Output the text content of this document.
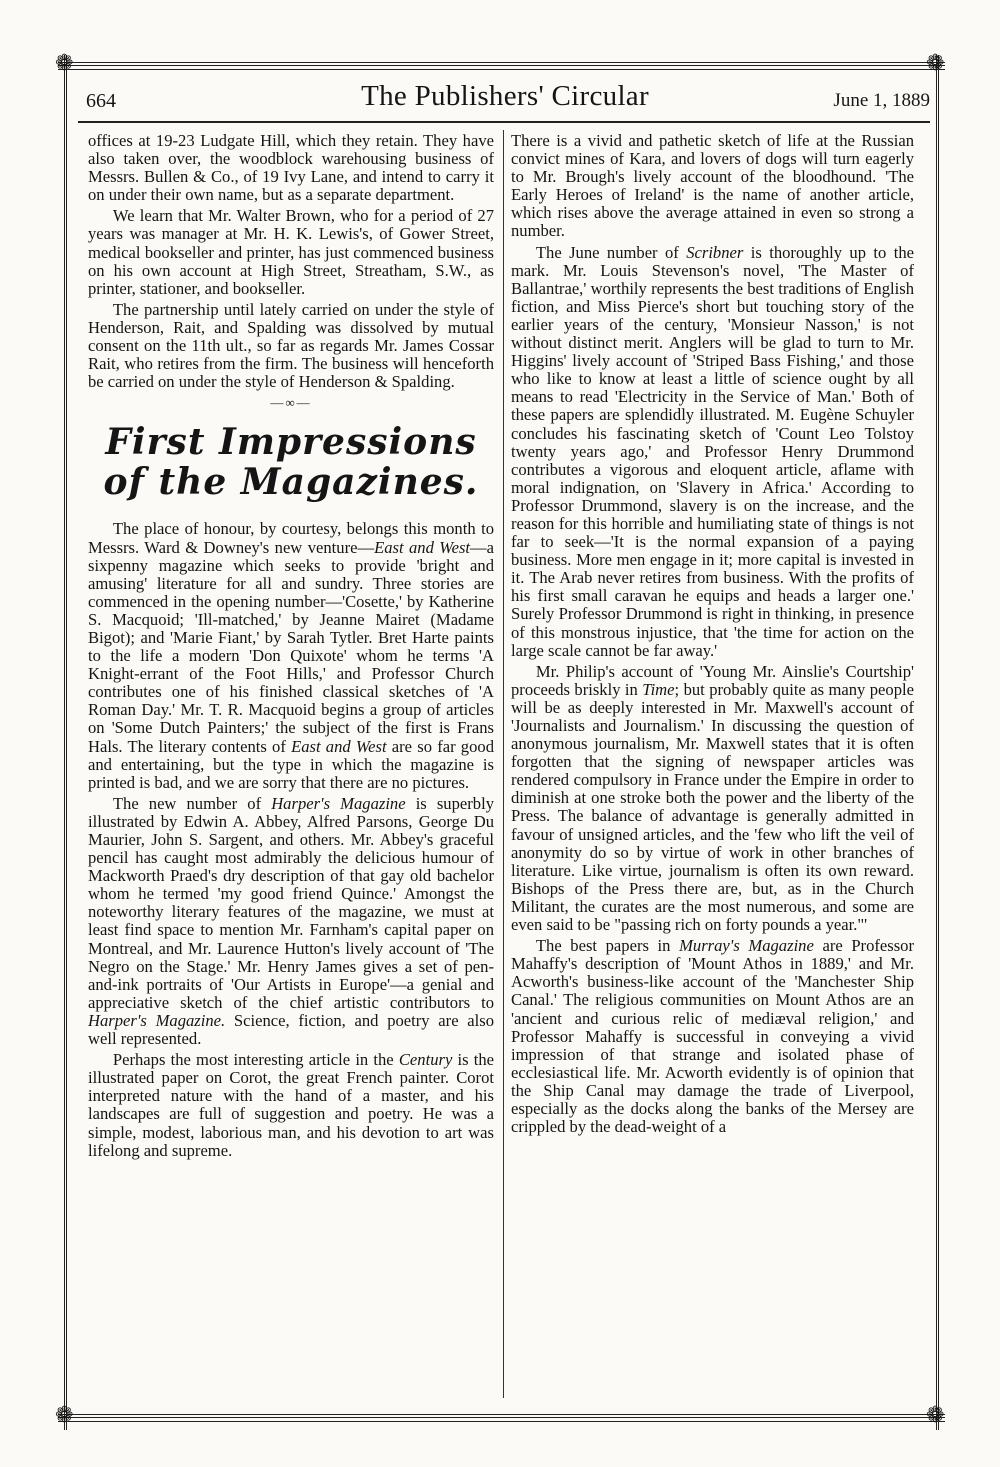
❁	❁
❁	❁
664	The Publishers' Circular	June 1, 1889

offices at 19-23 Ludgate Hill, which they retain. They have also taken over, the woodblock warehousing business of Messrs. Bullen & Co., of 19 Ivy Lane, and intend to carry it on under their own name, but as a separate department.

We learn that Mr. Walter Brown, who for a period of 27 years was manager at Mr. H. K. Lewis's, of Gower Street, medical bookseller and printer, has just commenced business on his own account at High Street, Streatham, S.W., as printer, stationer, and bookseller.

The partnership until lately carried on under the style of Henderson, Rait, and Spalding was dissolved by mutual consent on the 11th ult., so far as regards Mr. James Cossar Rait, who retires from the firm. The business will henceforth be carried on under the style of Henderson & Spalding.

—∞—
First Impressions of the Magazines.

The place of honour, by courtesy, belongs this month to Messrs. Ward & Downey's new venture—East and West—a sixpenny magazine which seeks to provide 'bright and amusing' literature for all and sundry. Three stories are commenced in the opening number—'Cosette,' by Katherine S. Macquoid; 'Ill-matched,' by Jeanne Mairet (Madame Bigot); and 'Marie Fiant,' by Sarah Tytler. Bret Harte paints to the life a modern 'Don Quixote' whom he terms 'A Knight-errant of the Foot Hills,' and Professor Church contributes one of his finished classical sketches of 'A Roman Day.' Mr. T. R. Macquoid begins a group of articles on 'Some Dutch Painters;' the subject of the first is Frans Hals. The literary contents of East and West are so far good and entertaining, but the type in which the magazine is printed is bad, and we are sorry that there are no pictures.

The new number of Harper's Magazine is superbly illustrated by Edwin A. Abbey, Alfred Parsons, George Du Maurier, John S. Sargent, and others. Mr. Abbey's graceful pencil has caught most admirably the delicious humour of Mackworth Praed's dry description of that gay old bachelor whom he termed 'my good friend Quince.' Amongst the noteworthy literary features of the magazine, we must at least find space to mention Mr. Farnham's capital paper on Montreal, and Mr. Laurence Hutton's lively account of 'The Negro on the Stage.' Mr. Henry James gives a set of pen-and-ink portraits of 'Our Artists in Europe'—a genial and appreciative sketch of the chief artistic contributors to Harper's Magazine. Science, fiction, and poetry are also well represented.

Perhaps the most interesting article in the Century is the illustrated paper on Corot, the great French painter. Corot interpreted nature with the hand of a master, and his landscapes are full of suggestion and poetry. He was a simple, modest, laborious man, and his devotion to art was lifelong and supreme.

There is a vivid and pathetic sketch of life at the Russian convict mines of Kara, and lovers of dogs will turn eagerly to Mr. Brough's lively account of the bloodhound. 'The Early Heroes of Ireland' is the name of another article, which rises above the average attained in even so strong a number.

The June number of Scribner is thoroughly up to the mark. Mr. Louis Stevenson's novel, 'The Master of Ballantrae,' worthily represents the best traditions of English fiction, and Miss Pierce's short but touching story of the earlier years of the century, 'Monsieur Nasson,' is not without distinct merit. Anglers will be glad to turn to Mr. Higgins' lively account of 'Striped Bass Fishing,' and those who like to know at least a little of science ought by all means to read 'Electricity in the Service of Man.' Both of these papers are splendidly illustrated. M. Eugène Schuyler concludes his fascinating sketch of 'Count Leo Tolstoy twenty years ago,' and Professor Henry Drummond contributes a vigorous and eloquent article, aflame with moral indignation, on 'Slavery in Africa.' According to Professor Drummond, slavery is on the increase, and the reason for this horrible and humiliating state of things is not far to seek—'It is the normal expansion of a paying business. More men engage in it; more capital is invested in it. The Arab never retires from business. With the profits of his first small caravan he equips and heads a larger one.' Surely Professor Drummond is right in thinking, in presence of this monstrous injustice, that 'the time for action on the large scale cannot be far away.'

Mr. Philip's account of 'Young Mr. Ainslie's Courtship' proceeds briskly in Time; but probably quite as many people will be as deeply interested in Mr. Maxwell's account of 'Journalists and Journalism.' In discussing the question of anonymous journalism, Mr. Maxwell states that it is often forgotten that the signing of newspaper articles was rendered compulsory in France under the Empire in order to diminish at one stroke both the power and the liberty of the Press. The balance of advantage is generally admitted in favour of unsigned articles, and the 'few who lift the veil of anonymity do so by virtue of work in other branches of literature. Like virtue, journalism is often its own reward. Bishops of the Press there are, but, as in the Church Militant, the curates are the most numerous, and some are even said to be "passing rich on forty pounds a year."'

The best papers in Murray's Magazine are Professor Mahaffy's description of 'Mount Athos in 1889,' and Mr. Acworth's business-like account of the 'Manchester Ship Canal.' The religious communities on Mount Athos are an 'ancient and curious relic of mediæval religion,' and Professor Mahaffy is successful in conveying a vivid impression of that strange and isolated phase of ecclesiastical life. Mr. Acworth evidently is of opinion that the Ship Canal may damage the trade of Liverpool, especially as the docks along the banks of the Mersey are crippled by the dead-weight of a
